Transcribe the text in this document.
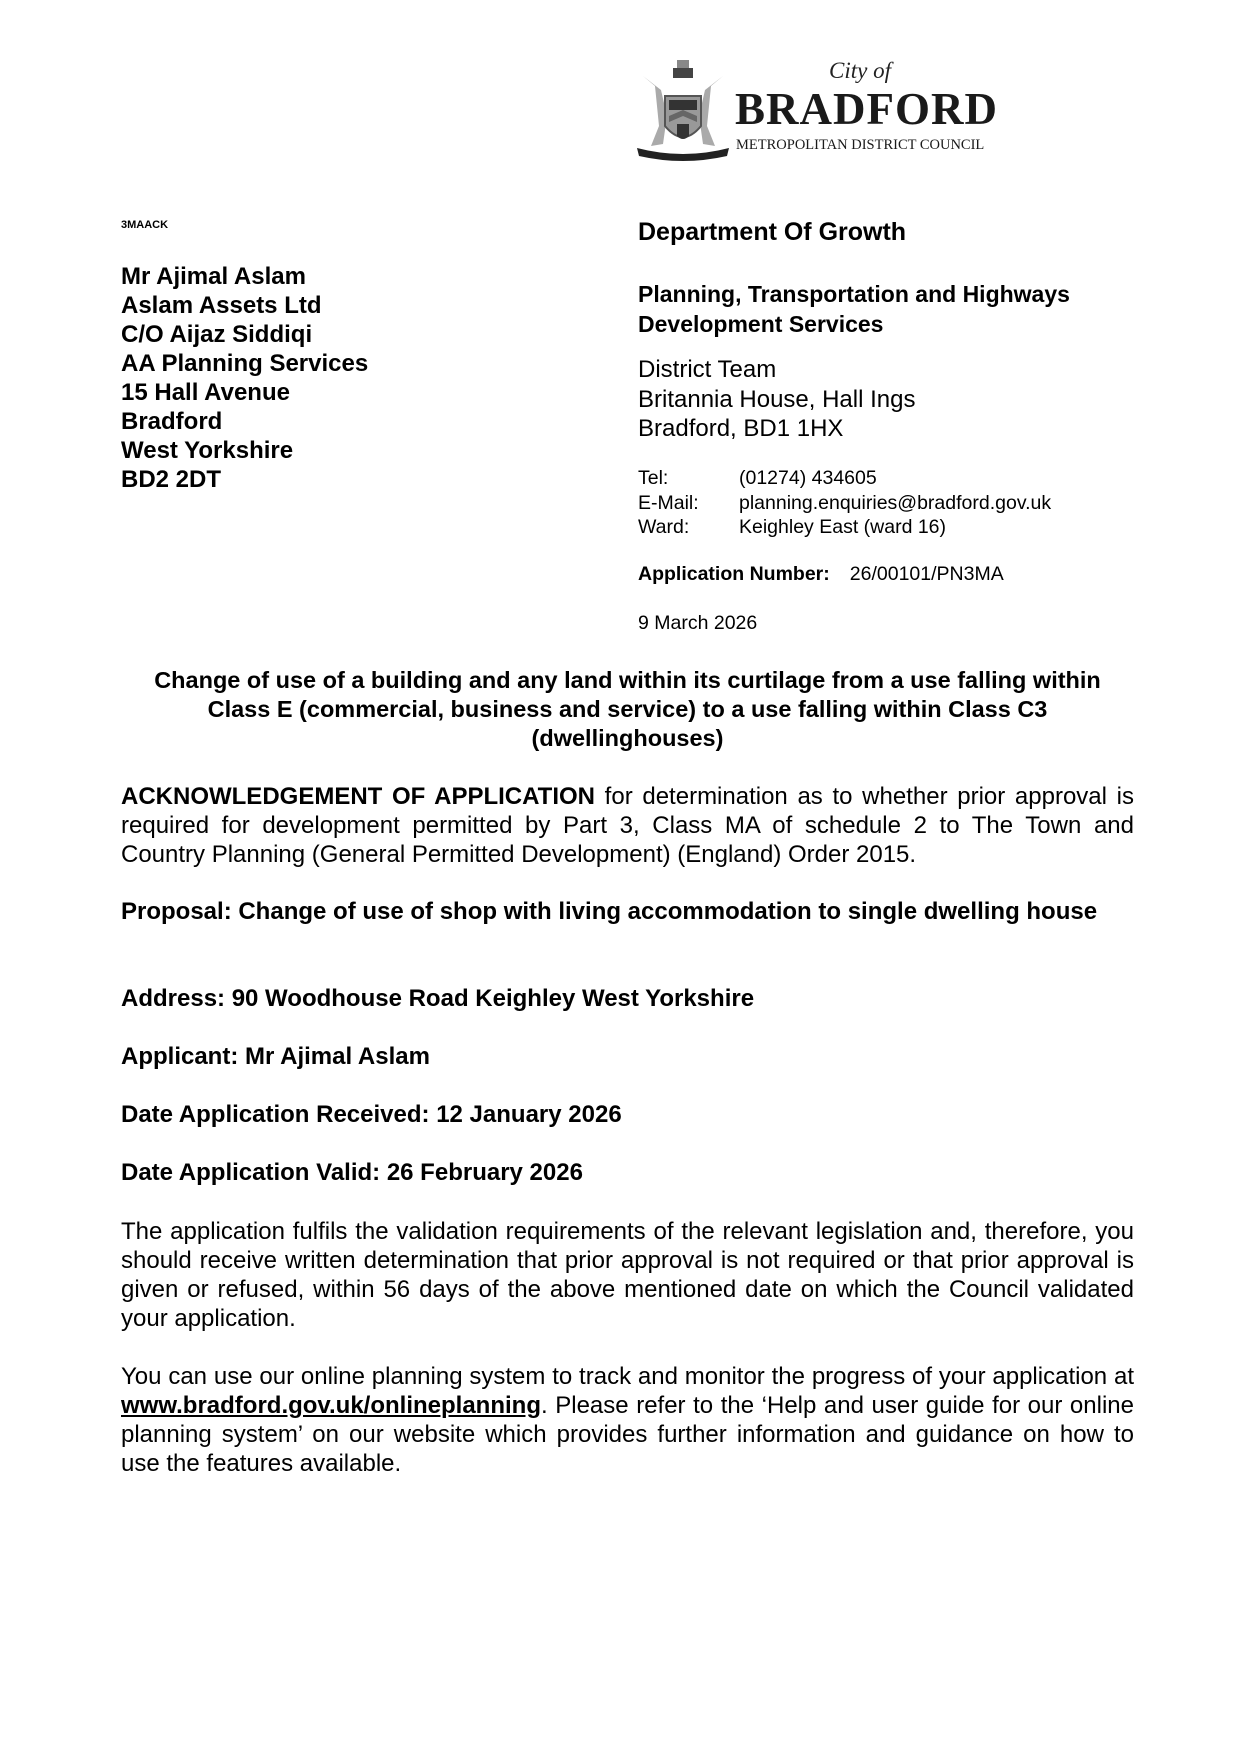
City of
BRADFORD
METROPOLITAN DISTRICT COUNCIL
3MAACK
Mr Ajimal Aslam
Aslam Assets Ltd
C/O Aijaz Siddiqi
AA Planning Services
15 Hall Avenue
Bradford
West Yorkshire
BD2 2DT
Department Of Growth
Planning, Transportation and Highways
Development Services
District Team
Britannia House, Hall Ings
Bradford, BD1 1HX
Tel:	(01274) 434605
E-Mail:	planning.enquiries@bradford.gov.uk
Ward:	Keighley East (ward 16)
Application Number: 26/00101/PN3MA
9 March 2026
Change of use of a building and any land within its curtilage from a use falling within Class E (commercial, business and service) to a use falling within Class C3 (dwellinghouses)
ACKNOWLEDGEMENT OF APPLICATION for determination as to whether prior approval is required for development permitted by Part 3, Class MA of schedule 2 to The Town and Country Planning (General Permitted Development) (England) Order 2015.
Proposal: Change of use of shop with living accommodation to single dwelling house
Address: 90 Woodhouse Road Keighley West Yorkshire
Applicant: Mr Ajimal Aslam
Date Application Received: 12 January 2026
Date Application Valid: 26 February 2026
The application fulfils the validation requirements of the relevant legislation and, therefore, you should receive written determination that prior approval is not required or that prior approval is given or refused, within 56 days of the above mentioned date on which the Council validated your application.
You can use our online planning system to track and monitor the progress of your application at www.bradford.gov.uk/onlineplanning. Please refer to the ‘Help and user guide for our online planning system’ on our website which provides further information and guidance on how to use the features available.
